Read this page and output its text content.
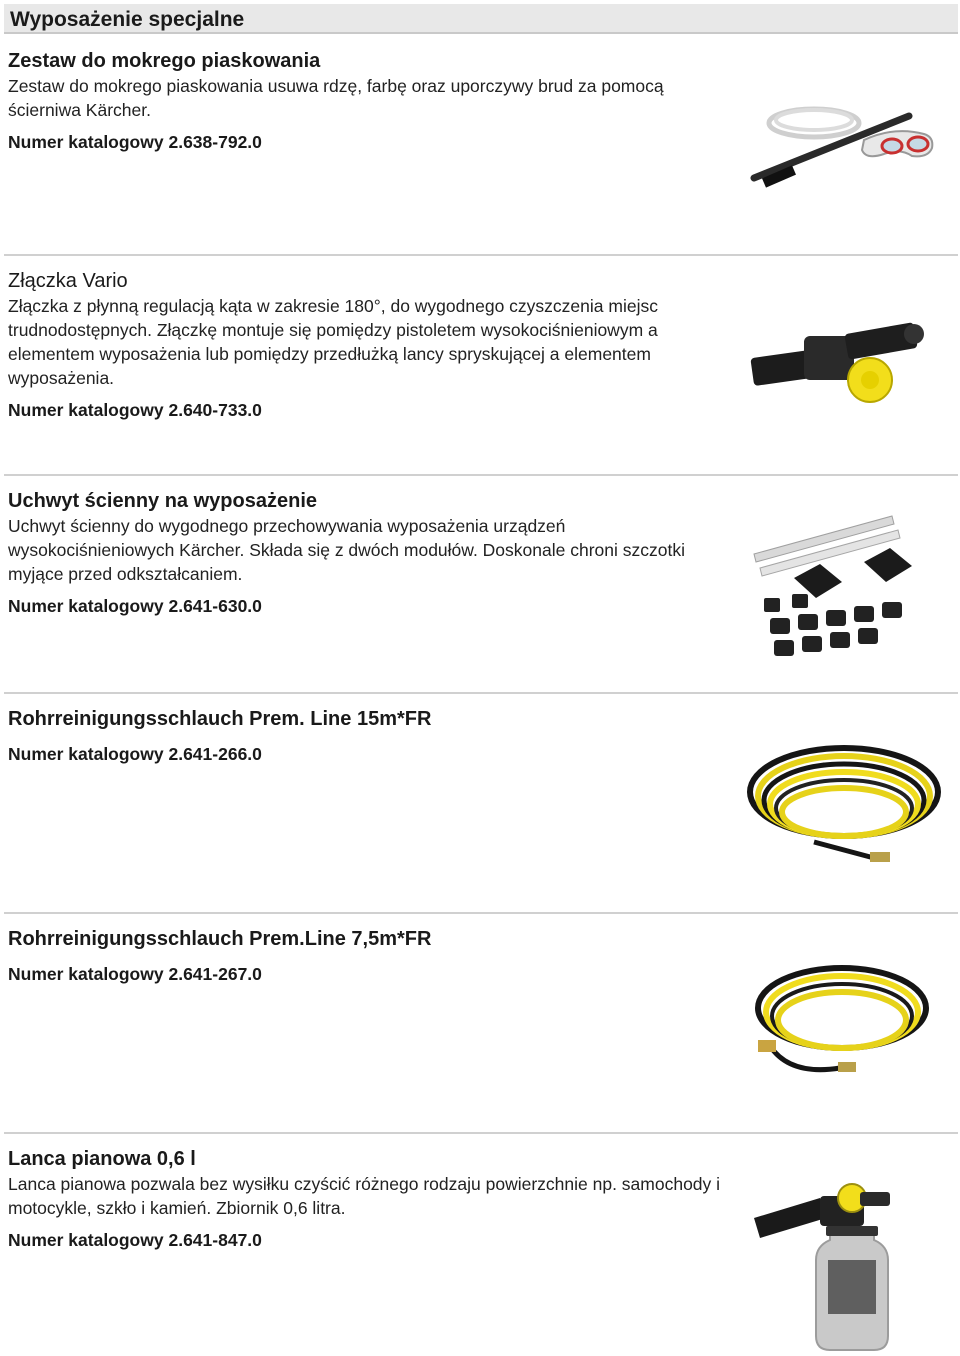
Wyposażenie specjalne

Zestaw do mokrego piaskowania

Zestaw do mokrego piaskowania usuwa rdzę, farbę oraz uporczywy brud za pomocą ścierniwa Kärcher.

Numer katalogowy 2.638-792.0

Złączka Vario

Złączka z płynną regulacją kąta w zakresie 180°, do wygodnego czyszczenia miejsc trudnodostępnych. Złączkę montuje się pomiędzy pistoletem wysokociśnieniowym a elementem wyposażenia lub pomiędzy przedłużką lancy spryskującej a elementem wyposażenia.

Numer katalogowy 2.640-733.0

Uchwyt ścienny na wyposażenie

Uchwyt ścienny do wygodnego przechowywania wyposażenia urządzeń wysokociśnieniowych Kärcher. Składa się z dwóch modułów. Doskonale chroni szczotki myjące przed odkształcaniem.

Numer katalogowy 2.641-630.0

Rohrreinigungsschlauch Prem. Line 15m*FR

Numer katalogowy 2.641-266.0

Rohrreinigungsschlauch Prem.Line 7,5m*FR

Numer katalogowy 2.641-267.0

Lanca pianowa 0,6 l

Lanca pianowa pozwala bez wysiłku czyścić różnego rodzaju powierzchnie np. samochody i motocykle, szkło i kamień. Zbiornik 0,6 litra.

Numer katalogowy 2.641-847.0
